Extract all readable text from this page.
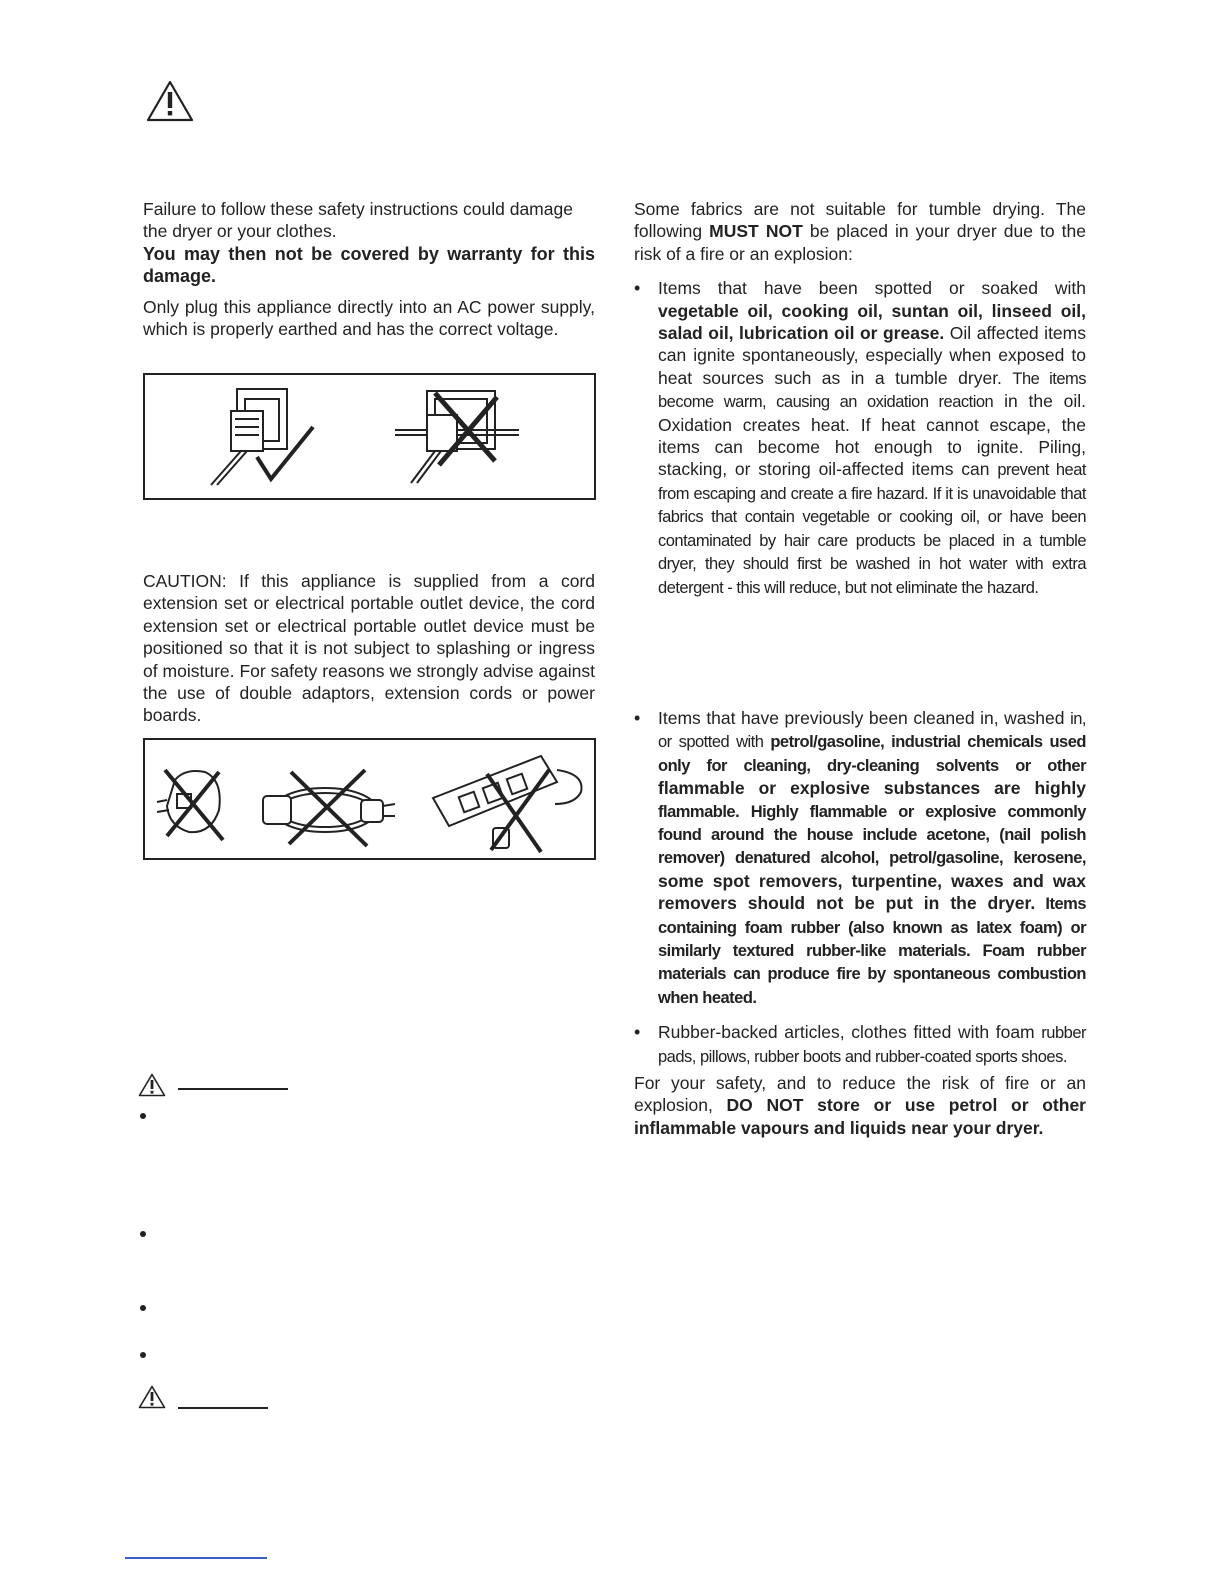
Failure to follow these safety instructions could damage

the dryer or your clothes.

You may then not be covered by warranty for this damage.

Only plug this appliance directly into an AC power supply, which is properly earthed and has the correct voltage.

CAUTION: If this appliance is supplied from a cord extension set or electrical portable outlet device, the cord extension set or electrical portable outlet device must be positioned so that it is not subject to splashing or ingress of moisture. For safety reasons we strongly advise against the use of double adaptors, extension cords or power boards.

Some fabrics are not suitable for tumble drying. The following MUST NOT be placed in your dryer due to the risk of a fire or an explosion:

• Items that have been spotted or soaked with vegetable oil, cooking oil, suntan oil, linseed oil, salad oil, lubrication oil or grease. Oil affected items can ignite spontaneously, especially when exposed to heat sources such as in a tumble dryer. The items become warm, causing an oxidation reaction in the oil. Oxidation creates heat. If heat cannot escape, the items can become hot enough to ignite. Piling, stacking, or storing oil-affected items can prevent heat from escaping and create a fire hazard. If it is unavoidable that fabrics that contain vegetable or cooking oil, or have been contaminated by hair care products be placed in a tumble dryer, they should first be washed in hot water with extra detergent - this will reduce, but not eliminate the hazard.
• Items that have previously been cleaned in, washed in, or spotted with petrol/gasoline, industrial chemicals used only for cleaning, dry-cleaning solvents or other flammable or explosive substances are highly flammable. Highly flammable or explosive commonly found around the house include acetone, (nail polish remover) denatured alcohol, petrol/gasoline, kerosene, some spot removers, turpentine, waxes and wax removers should not be put in the dryer. Items containing foam rubber (also known as latex foam) or similarly textured rubber-like materials. Foam rubber materials can produce fire by spontaneous combustion when heated.
• Rubber-backed articles, clothes fitted with foam rubber pads, pillows, rubber boots and rubber-coated sports shoes.

For your safety, and to reduce the risk of fire or an explosion, DO NOT store or use petrol or other inflammable vapours and liquids near your dryer.
